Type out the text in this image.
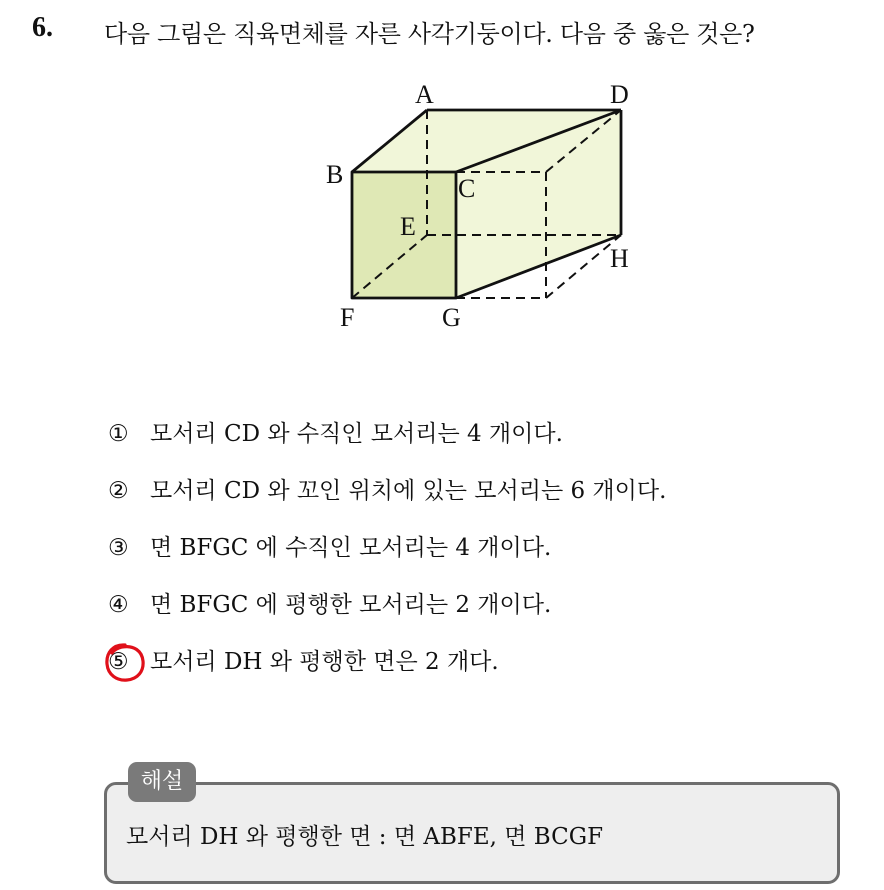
6. 다음 그림은 직육면체를 자른 사각기둥이다. 다음 중 옳은 것은?
A	D
B	C
E
H
F	G
① 모서리 CD 와 수직인 모서리는 4 개이다.
② 모서리 CD 와 꼬인 위치에 있는 모서리는 6 개이다.
③ 면 BFGC 에 수직인 모서리는 4 개이다.
④ 면 BFGC 에 평행한 모서리는 2 개이다.
⑤ 모서리 DH 와 평행한 면은 2 개다.
해설
모서리 DH 와 평행한 면 : 면 ABFE, 면 BCGF
